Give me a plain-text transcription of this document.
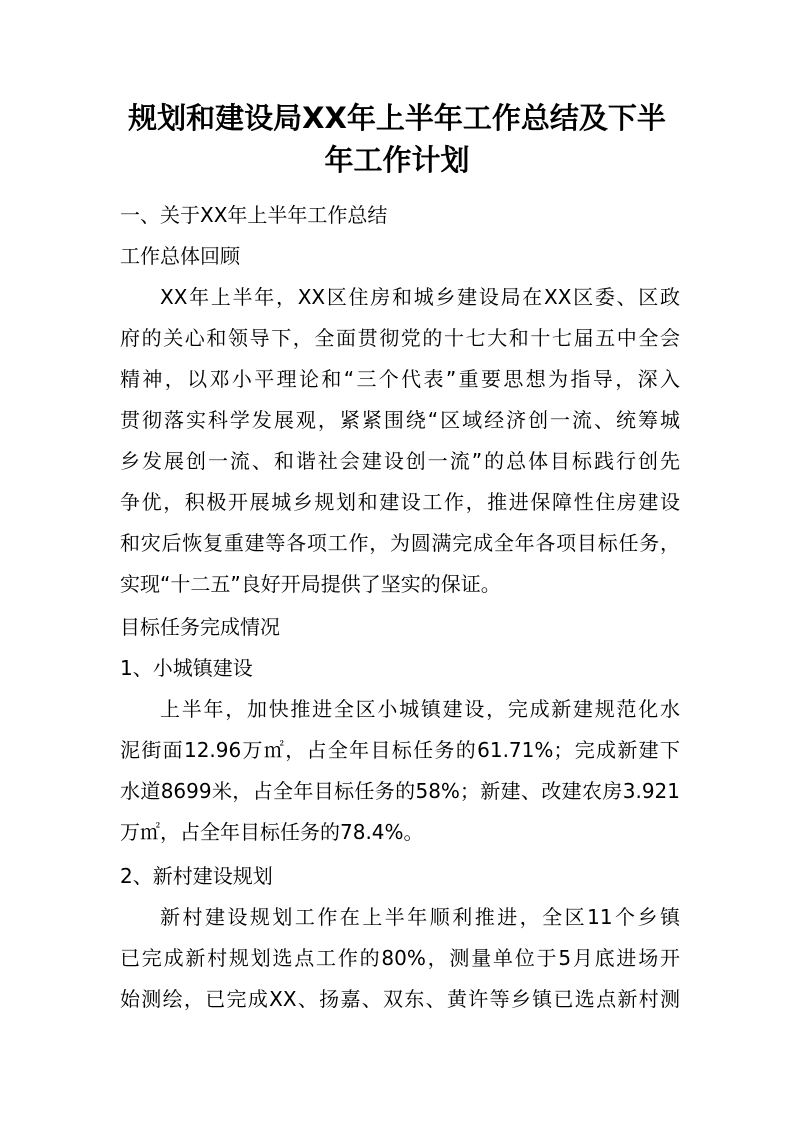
规划和建设局XX年上半年工作总结及下半
年工作计划

一、关于XX年上半年工作总结

工作总体回顾

XX年上半年，XX区住房和城乡建设局在XX区委、区政

府的关心和领导下，全面贯彻党的十七大和十七届五中全会

精神，以邓小平理论和“三个代表”重要思想为指导，深入

贯彻落实科学发展观，紧紧围绕“区域经济创一流、统筹城

乡发展创一流、和谐社会建设创一流”的总体目标践行创先

争优，积极开展城乡规划和建设工作，推进保障性住房建设

和灾后恢复重建等各项工作，为圆满完成全年各项目标任务，

实现“十二五”良好开局提供了坚实的保证。

目标任务完成情况

1、小城镇建设

上半年，加快推进全区小城镇建设，完成新建规范化水

泥街面12.96万㎡，占全年目标任务的61.71%；完成新建下

水道8699米，占全年目标任务的58%；新建、改建农房3.921

万㎡，占全年目标任务的78.4%。

2、新村建设规划

新村建设规划工作在上半年顺利推进，全区11个乡镇

已完成新村规划选点工作的80%，测量单位于5月底进场开

始测绘，已完成XX、扬嘉、双东、黄许等乡镇已选点新村测
